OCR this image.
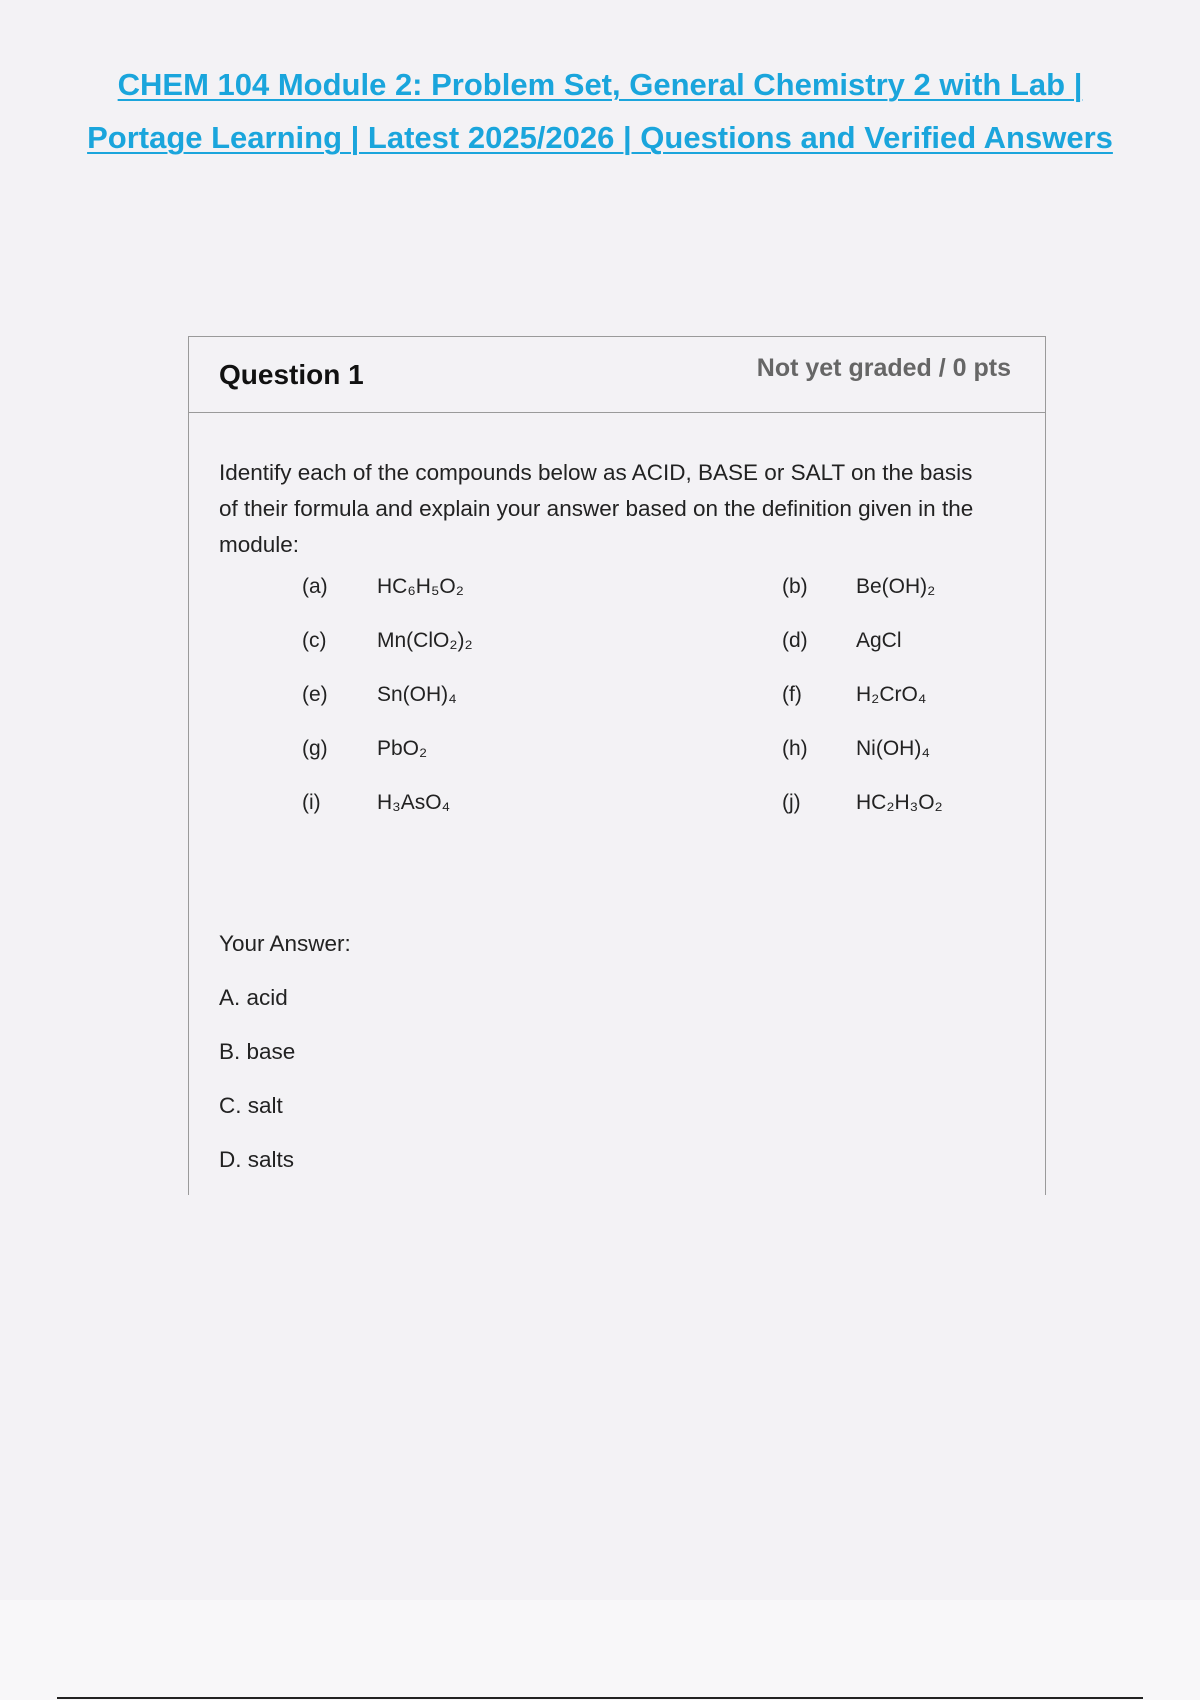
CHEM 104 Module 2: Problem Set, General Chemistry 2 with Lab |
Portage Learning | Latest 2025/2026 | Questions and Verified Answers
Question 1	Not yet graded / 0 pts
Identify each of the compounds below as ACID, BASE or SALT on the basis of their formula and explain your answer based on the definition given in the module:
(a) HC₆H₅O₂	(b) Be(OH)₂
(c) Mn(ClO₂)₂	(d) AgCl
(e) Sn(OH)₄	(f)	H₂CrO₄
(g) PbO₂	(h) Ni(OH)₄
(i)	H₃AsO₄	(j)	HC₂H₃O₂
Your Answer:
A. acid
B. base
C. salt
D. salts
